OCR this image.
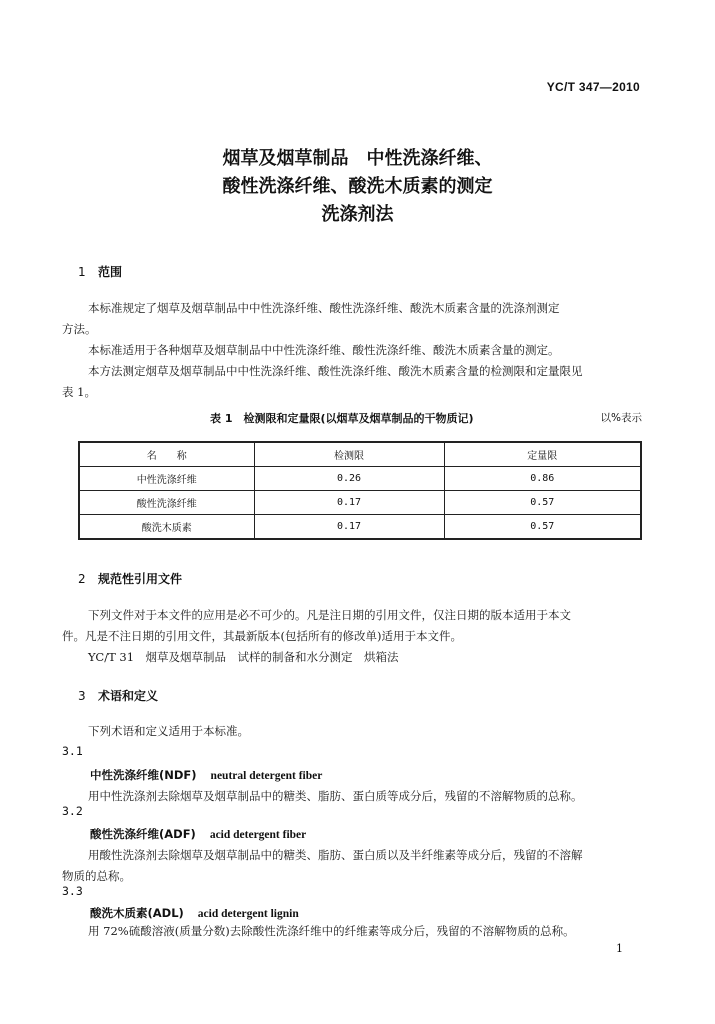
YC/T 347—2010
烟草及烟草制品　中性洗涤纤维、
酸性洗涤纤维、酸洗木质素的测定
洗涤剂法
1 范围
本标准规定了烟草及烟草制品中中性洗涤纤维、酸性洗涤纤维、酸洗木质素含量的洗涤剂测定
方法。
本标准适用于各种烟草及烟草制品中中性洗涤纤维、酸性洗涤纤维、酸洗木质素含量的测定。
本方法测定烟草及烟草制品中中性洗涤纤维、酸性洗涤纤维、酸洗木质素含量的检测限和定量限见
表 1。
表 1　检测限和定量限(以烟草及烟草制品的干物质记)	以%表示
名　　称	检测限	定量限
中性洗涤纤维	0.26	0.86
酸性洗涤纤维	0.17	0.57
酸洗木质素	0.17	0.57
2 规范性引用文件
下列文件对于本文件的应用是必不可少的。凡是注日期的引用文件，仅注日期的版本适用于本文
件。凡是不注日期的引用文件，其最新版本(包括所有的修改单)适用于本文件。
YC/T 31　烟草及烟草制品　试样的制备和水分测定　烘箱法
3 术语和定义
下列术语和定义适用于本标准。
3.1
中性洗涤纤维(NDF) neutral detergent fiber
用中性洗涤剂去除烟草及烟草制品中的糖类、脂肪、蛋白质等成分后，残留的不溶解物质的总称。
3.2
酸性洗涤纤维(ADF) acid detergent fiber
用酸性洗涤剂去除烟草及烟草制品中的糖类、脂肪、蛋白质以及半纤维素等成分后，残留的不溶解
物质的总称。
3.3
酸洗木质素(ADL) acid detergent lignin
用 72%硫酸溶液(质量分数)去除酸性洗涤纤维中的纤维素等成分后，残留的不溶解物质的总称。
1
